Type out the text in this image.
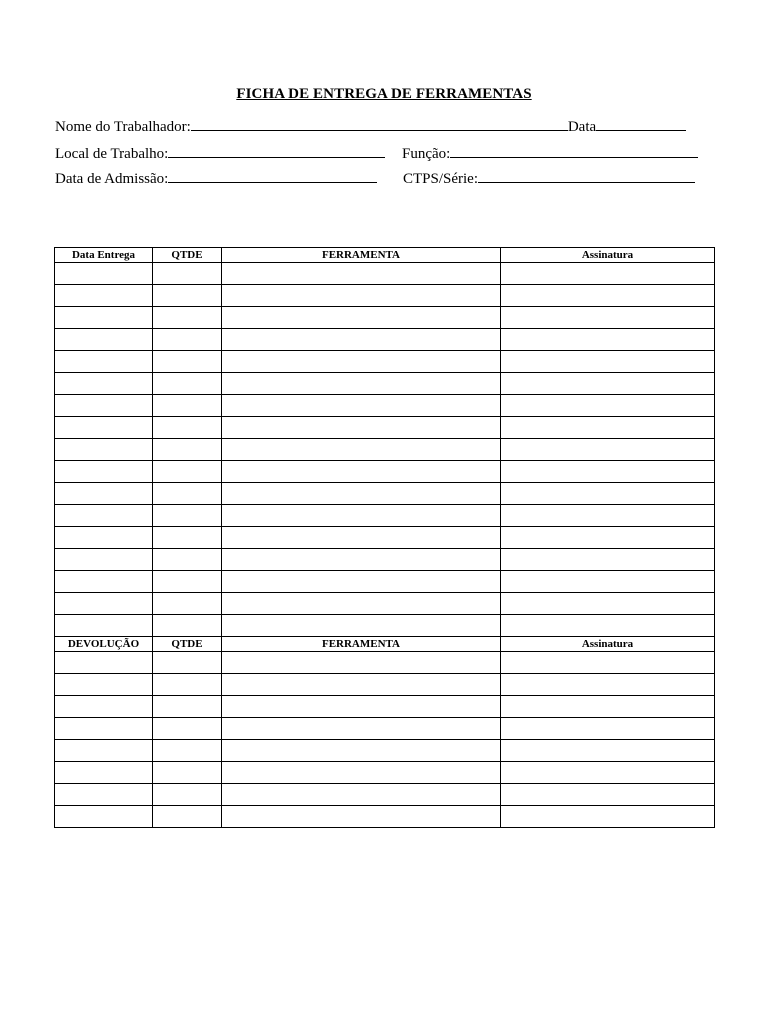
FICHA DE ENTREGA DE FERRAMENTAS
Nome do Trabalhador:	Data
Local de Trabalho:	Função:
Data de Admissão:	CTPS/Série:
Data Entrega	QTDE	FERRAMENTA	Assinatura

DEVOLUÇÃO	QTDE	FERRAMENTA	Assinatura
